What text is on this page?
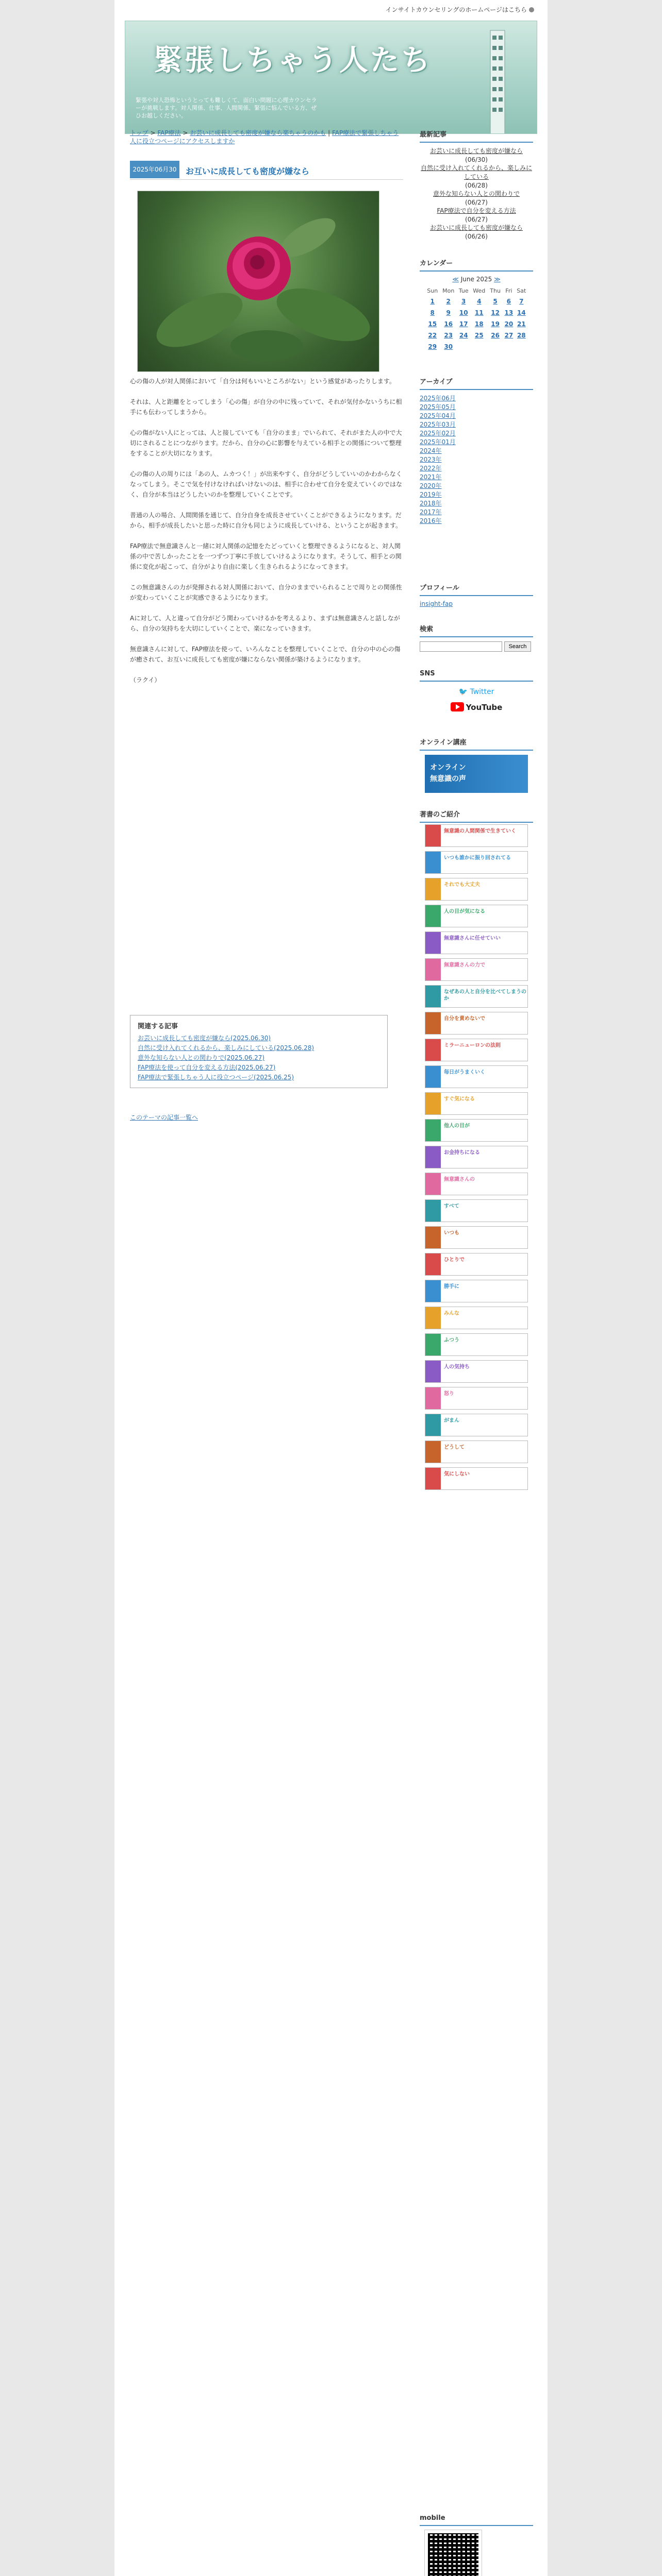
インサイトカウンセリングのホームページはこちら
緊張しちゃう人たち
緊張や対人恐怖というとっても難しくて、面白い問題に心理カウンセラーが挑戦します。対人関係、仕事、人間関係、緊張に悩んでいる方、ぜひお越しください。
トップ > FAP療法 > お芸いに成長しても密度が嫌なら楽ちゃうのかも | FAP療法で緊張しちゃう人に役立つページにアクセスしますか
2025年06月30日
お互いに成長しても密度が嫌なら

心の傷の人が対人関係において「自分は何もいいところがない」という感覚があったりします。

それは、人と距離をとってしまう「心の傷」が自分の中に残っていて、それが気付かないうちに相手にも伝わってしまうから。

心の傷がない人にとっては、人と接していても「自分のまま」でいられて、それがまた人の中で大切にされることにつながります。だから、自分の心に影響を与えている相手との関係について整理をすることが大切になります。

心の傷の人の周りには「あの人、ムカつく！」が出来やすく、自分がどうしていいのかわからなくなってしまう。そこで気を付けなければいけないのは、相手に合わせて自分を変えていくのではなく、自分が本当はどうしたいのかを整理していくことです。

普通の人の場合、人間関係を通じて、自分自身を成長させていくことができるようになります。だから、相手が成長したいと思った時に自分も同じように成長していける、ということが起きます。

FAP療法で無意識さんと一緒に対人関係の記憶をたどっていくと整理できるようになると、対人関係の中で苦しかったことを一つずつ丁寧に手放していけるようになります。そうして、相手との関係に変化が起こって、自分がより自由に楽しく生きられるようになってきます。

この無意識さんの力が発揮される対人関係において、自分のままでいられることで周りとの関係性が変わっていくことが実感できるようになります。

Aに対して、人と違って自分がどう関わっていけるかを考えるより、まずは無意識さんと話しながら、自分の気持ちを大切にしていくことで、楽になっていきます。

無意識さんに対して、FAP療法を使って、いろんなことを整理していくことで、自分の中の心の傷が癒されて、お互いに成長しても密度が嫌にならない関係が築けるようになります。

（ラクイ）

関連する記事
お芸いに成長しても密度が嫌なら(2025.06.30)
自然に受け入れてくれるから、楽しみにしている(2025.06.28)
意外な知らない人との関わりで(2025.06.27)
FAP療法を使って自分を変える方法(2025.06.27)
FAP療法で緊張しちゃう人に役立つページ(2025.06.25)
このテーマの記事一覧へ
最新記事
お芸いに成長しても密度が嫌なら
(06/30)
自然に受け入れてくれるから、楽しみにしている
(06/28)
意外な知らない人との関わりで
(06/27)
FAP療法で自分を変える方法
(06/27)
お芸いに成長しても密度が嫌なら
(06/26)
カレンダー
≪ June 2025 ≫
Sun	Mon	Tue	Wed	Thu	Fri	Sat
1	2	3	4	5	6	7
8	9	10	11	12	13	14
15	16	17	18	19	20	21
22	23	24	25	26	27	28
29	30					
アーカイブ
2025年06月
2025年05月
2025年04月
2025年03月
2025年02月
2025年01月
2024年
2023年
2022年
2021年
2020年
2019年
2018年
2017年
2016年
プロフィール
insight-fap
検索
Search
SNS
🐦 Twitter
YouTube
オンライン講座
オンライン
無意識の声
著書のご紹介
無意識の人間関係で生きていく
いつも誰かに振り回されてる
それでも大丈夫
人の目が気になる
無意識さんに任せていい
無意識さんの力で
なぜあの人と自分を比べてしまうのか
自分を責めないで
ミラーニューロンの法則
毎日がうまくいく
すぐ気になる
他人の目が
お金持ちになる
無意識さんの
すべて
いつも
ひとりで
勝手に
みんな
ふつう
人の気持ち
怒り
がまん
どうして
気にしない
mobile
